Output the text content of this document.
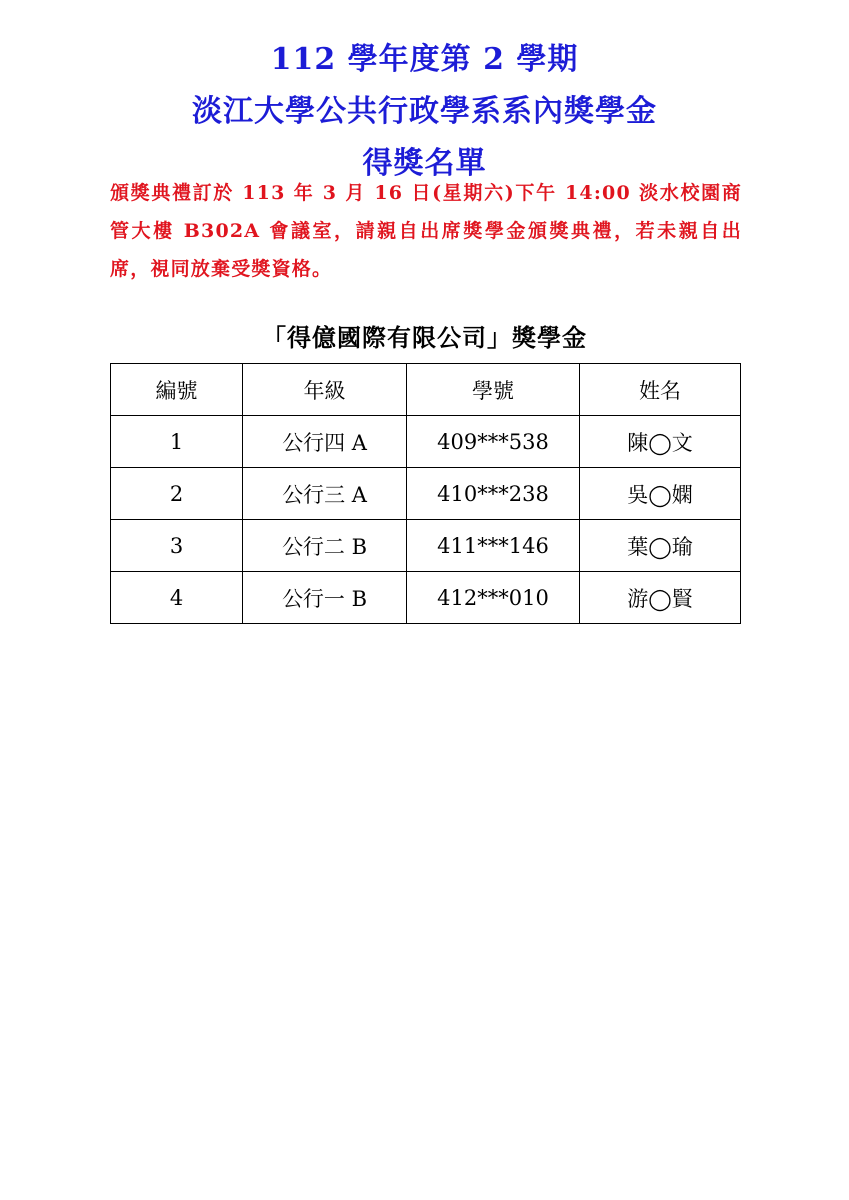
112 學年度第 2 學期
淡江大學公共行政學系系內獎學金
得獎名單
頒獎典禮訂於 113 年 3 月 16 日(星期六)下午 14:00 淡水校園商管大樓 B302A 會議室，請親自出席獎學金頒獎典禮，若未親自出席，視同放棄受獎資格。
「得億國際有限公司」獎學金
編號	年級	學號	姓名
1	公行四 A	409***538	陳◯文
2	公行三 A	410***238	吳◯嫻
3	公行二 B	411***146	葉◯瑜
4	公行一 B	412***010	游◯賢
